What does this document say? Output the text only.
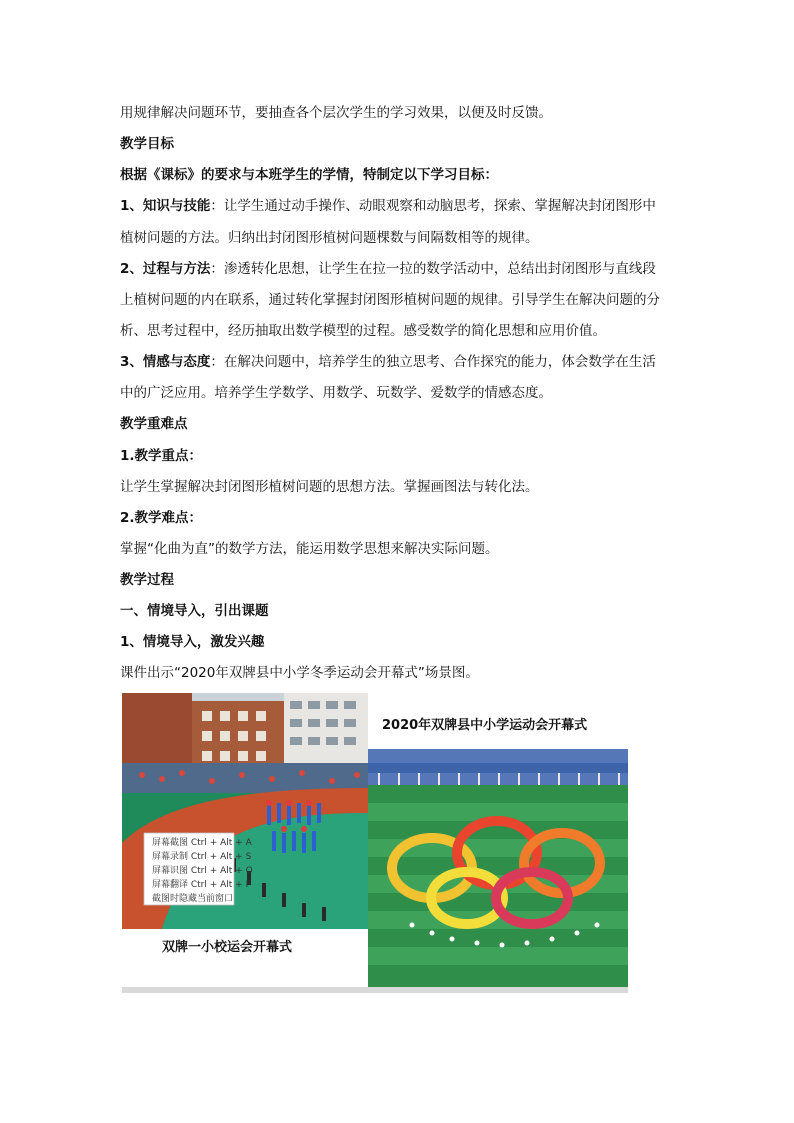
用规律解决问题环节，要抽查各个层次学生的学习效果，以便及时反馈。
教学目标
根据《课标》的要求与本班学生的学情，特制定以下学习目标：
1、知识与技能：让学生通过动手操作、动眼观察和动脑思考，探索、掌握解决封闭图形中
植树问题的方法。归纳出封闭图形植树问题棵数与间隔数相等的规律。
2、过程与方法：渗透转化思想，让学生在拉一拉的数学活动中，总结出封闭图形与直线段
上植树问题的内在联系，通过转化掌握封闭图形植树问题的规律。引导学生在解决问题的分
析、思考过程中，经历抽取出数学模型的过程。感受数学的简化思想和应用价值。
3、情感与态度：在解决问题中，培养学生的独立思考、合作探究的能力，体会数学在生活
中的广泛应用。培养学生学数学、用数学、玩数学、爱数学的情感态度。
教学重难点
1.教学重点：
让学生掌握解决封闭图形植树问题的思想方法。掌握画图法与转化法。
2.教学难点：
掌握“化曲为直”的数学方法，能运用数学思想来解决实际问题。
教学过程
一、情境导入，引出课题
1、情境导入，激发兴趣
课件出示“2020年双牌县中小学冬季运动会开幕式”场景图。
2020年双牌县中小学运动会开幕式
双牌一小校运会开幕式
屏幕截图 Ctrl + Alt + A
屏幕录制 Ctrl + Alt + S
屏幕识图 Ctrl + Alt + O
屏幕翻译 Ctrl + Alt + F
截图时隐藏当前窗口
